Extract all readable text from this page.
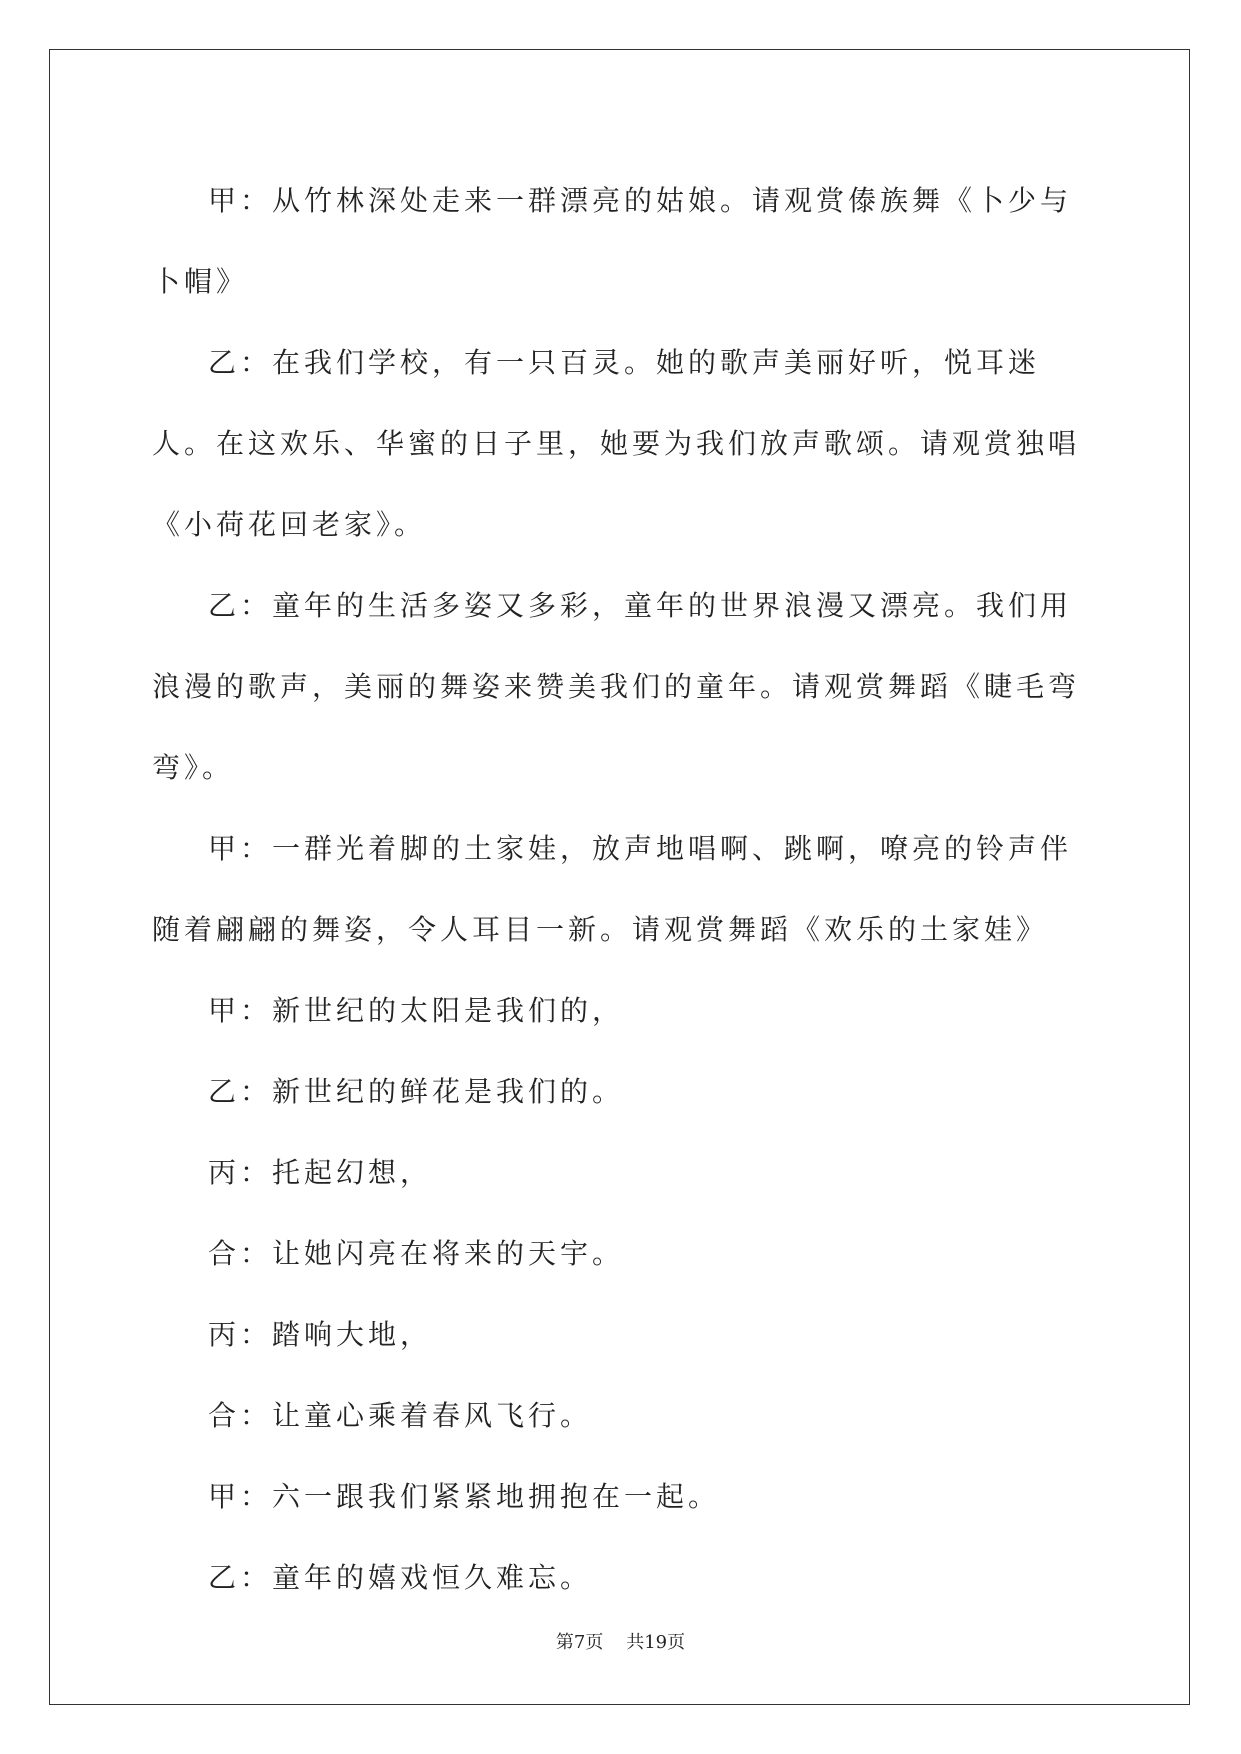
甲：从竹林深处走来一群漂亮的姑娘。请观赏傣族舞《卜少与卜帽》

乙：在我们学校，有一只百灵。她的歌声美丽好听，悦耳迷人。在这欢乐、华蜜的日子里，她要为我们放声歌颂。请观赏独唱《小荷花回老家》。

乙：童年的生活多姿又多彩，童年的世界浪漫又漂亮。我们用浪漫的歌声，美丽的舞姿来赞美我们的童年。请观赏舞蹈《睫毛弯弯》。

甲：一群光着脚的土家娃，放声地唱啊、跳啊，嘹亮的铃声伴随着翩翩的舞姿，令人耳目一新。请观赏舞蹈《欢乐的土家娃》

甲：新世纪的太阳是我们的，

乙：新世纪的鲜花是我们的。

丙：托起幻想，

合：让她闪亮在将来的天宇。

丙：踏响大地，

合：让童心乘着春风飞行。

甲：六一跟我们紧紧地拥抱在一起。

乙：童年的嬉戏恒久难忘。

第7页 共19页
